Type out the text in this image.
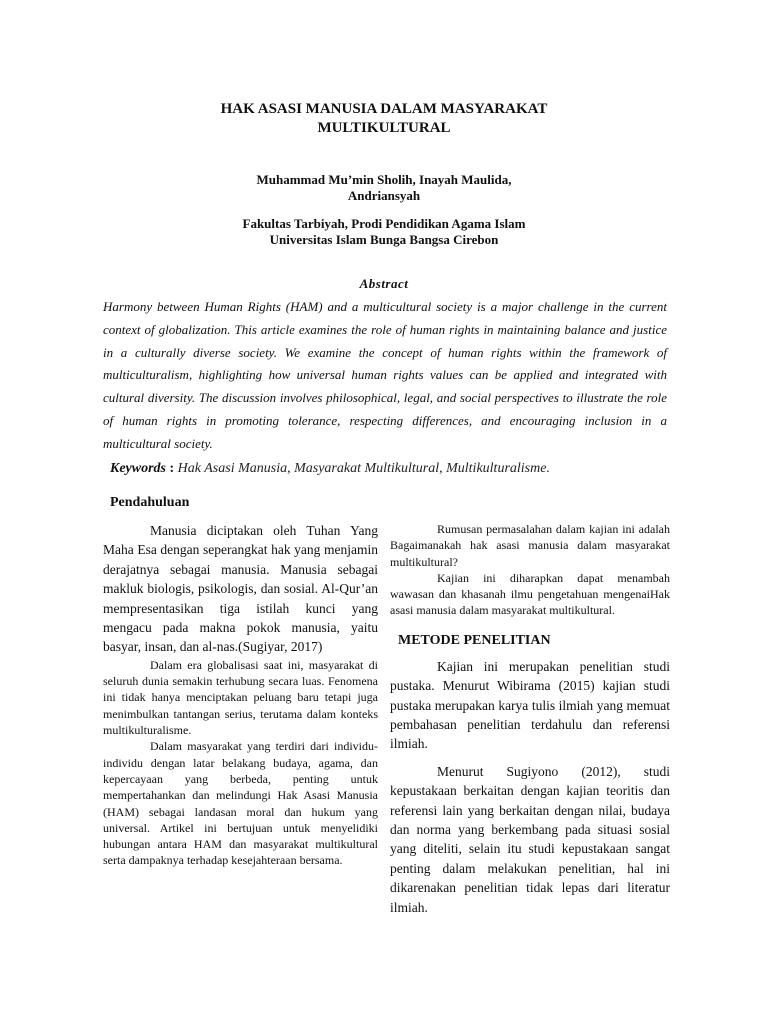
HAK ASASI MANUSIA DALAM MASYARAKAT
MULTIKULTURAL
Muhammad Mu’min Sholih, Inayah Maulida,
Andriansyah
Fakultas Tarbiyah, Prodi Pendidikan Agama Islam
Universitas Islam Bunga Bangsa Cirebon
Abstract
Harmony between Human Rights (HAM) and a multicultural society is a major challenge in the current context of globalization. This article examines the role of human rights in maintaining balance and justice in a culturally diverse society. We examine the concept of human rights within the framework of multiculturalism, highlighting how universal human rights values can be applied and integrated with cultural diversity. The discussion involves philosophical, legal, and social perspectives to illustrate the role of human rights in promoting tolerance, respecting differences, and encouraging inclusion in a multicultural society.
Keywords : Hak Asasi Manusia, Masyarakat Multikultural, Multikulturalisme.
Pendahuluan

Manusia diciptakan oleh Tuhan Yang Maha Esa dengan seperangkat hak yang menjamin derajatnya sebagai manusia. Manusia sebagai makluk biologis, psikologis, dan sosial. Al-Qur’an mempresentasikan tiga istilah kunci yang mengacu pada makna pokok manusia, yaitu basyar, insan, dan al-nas.(Sugiyar, 2017)

Dalam era globalisasi saat ini, masyarakat di seluruh dunia semakin terhubung secara luas. Fenomena ini tidak hanya menciptakan peluang baru tetapi juga menimbulkan tantangan serius, terutama dalam konteks multikulturalisme.

Dalam masyarakat yang terdiri dari individu-individu dengan latar belakang budaya, agama, dan kepercayaan yang berbeda, penting untuk mempertahankan dan melindungi Hak Asasi Manusia (HAM) sebagai landasan moral dan hukum yang universal. Artikel ini bertujuan untuk menyelidiki hubungan antara HAM dan masyarakat multikultural serta dampaknya terhadap kesejahteraan bersama.

Rumusan permasalahan dalam kajian ini adalah Bagaimanakah hak asasi manusia dalam masyarakat multikultural?

Kajian ini diharapkan dapat menambah wawasan dan khasanah ilmu pengetahuan mengenaiHak asasi manusia dalam masyarakat multikultural.

METODE PENELITIAN

Kajian ini merupakan penelitian studi pustaka. Menurut Wibirama (2015) kajian studi pustaka merupakan karya tulis ilmiah yang memuat pembahasan penelitian terdahulu dan referensi ilmiah.

Menurut Sugiyono (2012), studi kepustakaan berkaitan dengan kajian teoritis dan referensi lain yang berkaitan dengan nilai, budaya dan norma yang berkembang pada situasi sosial yang diteliti, selain itu studi kepustakaan sangat penting dalam melakukan penelitian, hal ini dikarenakan penelitian tidak lepas dari literatur ilmiah.
